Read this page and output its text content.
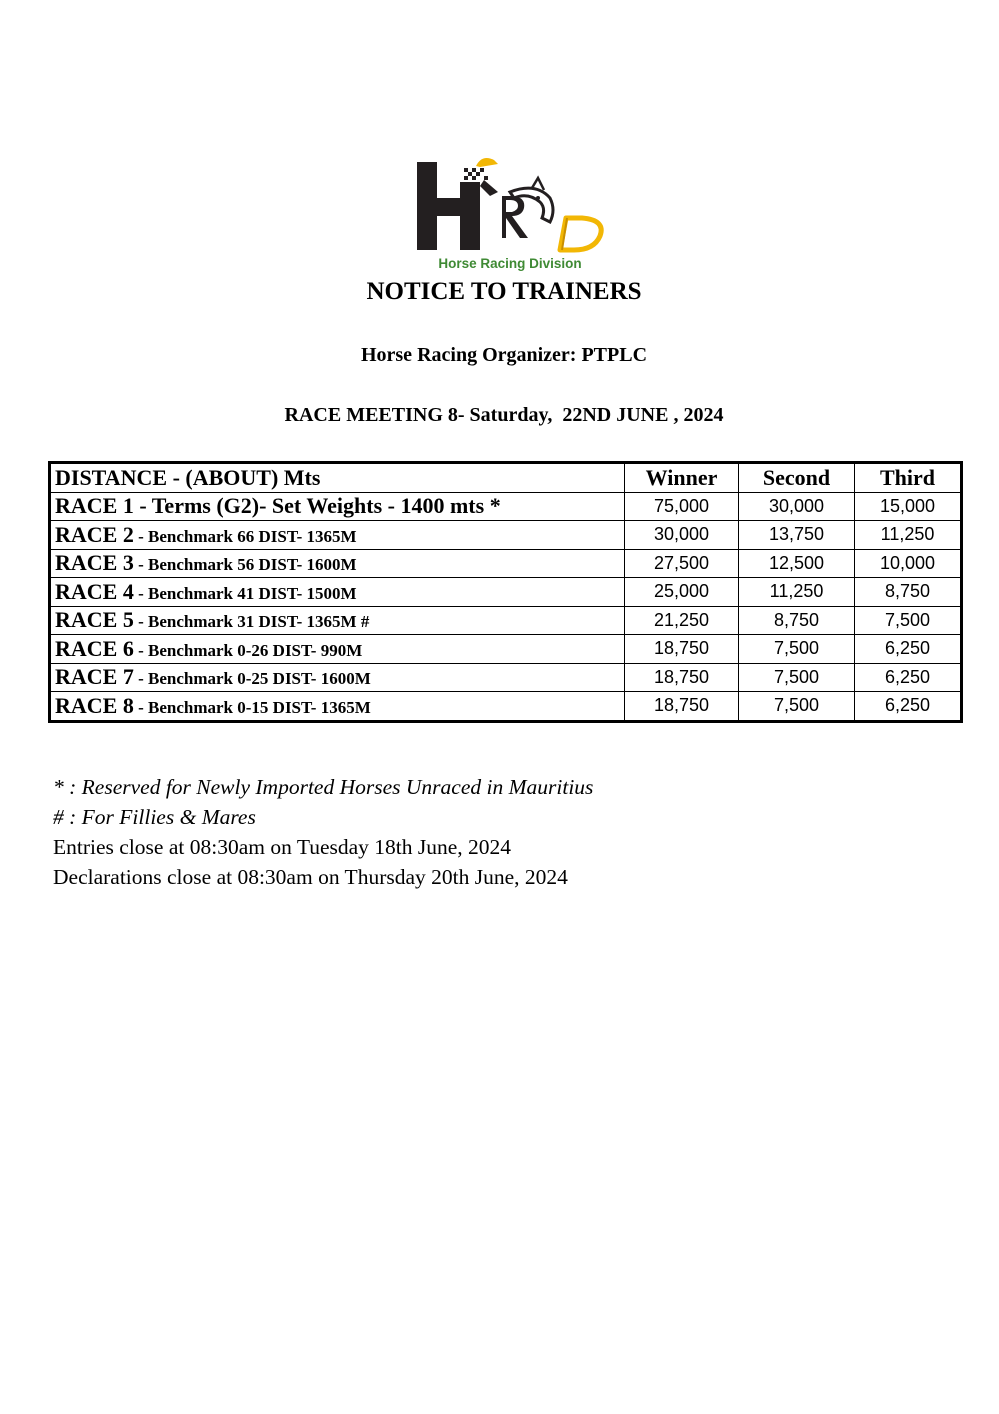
Horse Racing Division
NOTICE TO TRAINERS
Horse Racing Organizer: PTPLC
RACE MEETING 8- Saturday,  22ND JUNE , 2024
DISTANCE - (ABOUT) Mts	Winner	Second	Third
RACE 1 - Terms (G2)- Set Weights - 1400 mts *	75,000	30,000	15,000
RACE 2 - Benchmark 66 DIST- 1365M	30,000	13,750	11,250
RACE 3 - Benchmark 56 DIST- 1600M	27,500	12,500	10,000
RACE 4 - Benchmark 41 DIST- 1500M	25,000	11,250	8,750
RACE 5 - Benchmark 31 DIST- 1365M #	21,250	8,750	7,500
RACE 6 - Benchmark 0-26 DIST- 990M	18,750	7,500	6,250
RACE 7 - Benchmark 0-25 DIST- 1600M	18,750	7,500	6,250
RACE 8 - Benchmark 0-15 DIST- 1365M	18,750	7,500	6,250
* : Reserved for Newly Imported Horses Unraced in Mauritius
# : For Fillies & Mares
Entries close at 08:30am on Tuesday 18th June, 2024
Declarations close at 08:30am on Thursday 20th June, 2024
